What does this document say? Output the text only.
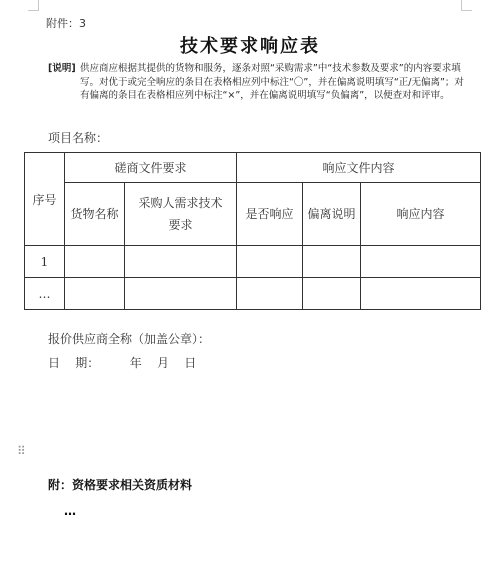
附件：3
技术要求响应表
[说明] 供应商应根据其提供的货物和服务，逐条对照“采购需求”中“技术参数及要求”的内容要求填写。对优于或完全响应的条目在表格相应列中标注“〇”，并在偏离说明填写“正/无偏离”；对有偏离的条目在表格相应列中标注“×”，并在偏离说明填写“负偏离”，以便查对和评审。
项目名称：
序号	磋商文件要求		响应文件内容		
	货物名称	采购人需求技术要求	是否响应	偏离说明	响应内容
1					
…					
报价供应商全称（加盖公章）：
日    期：        年    月    日
⠿
附：资格要求相关资质材料
…
